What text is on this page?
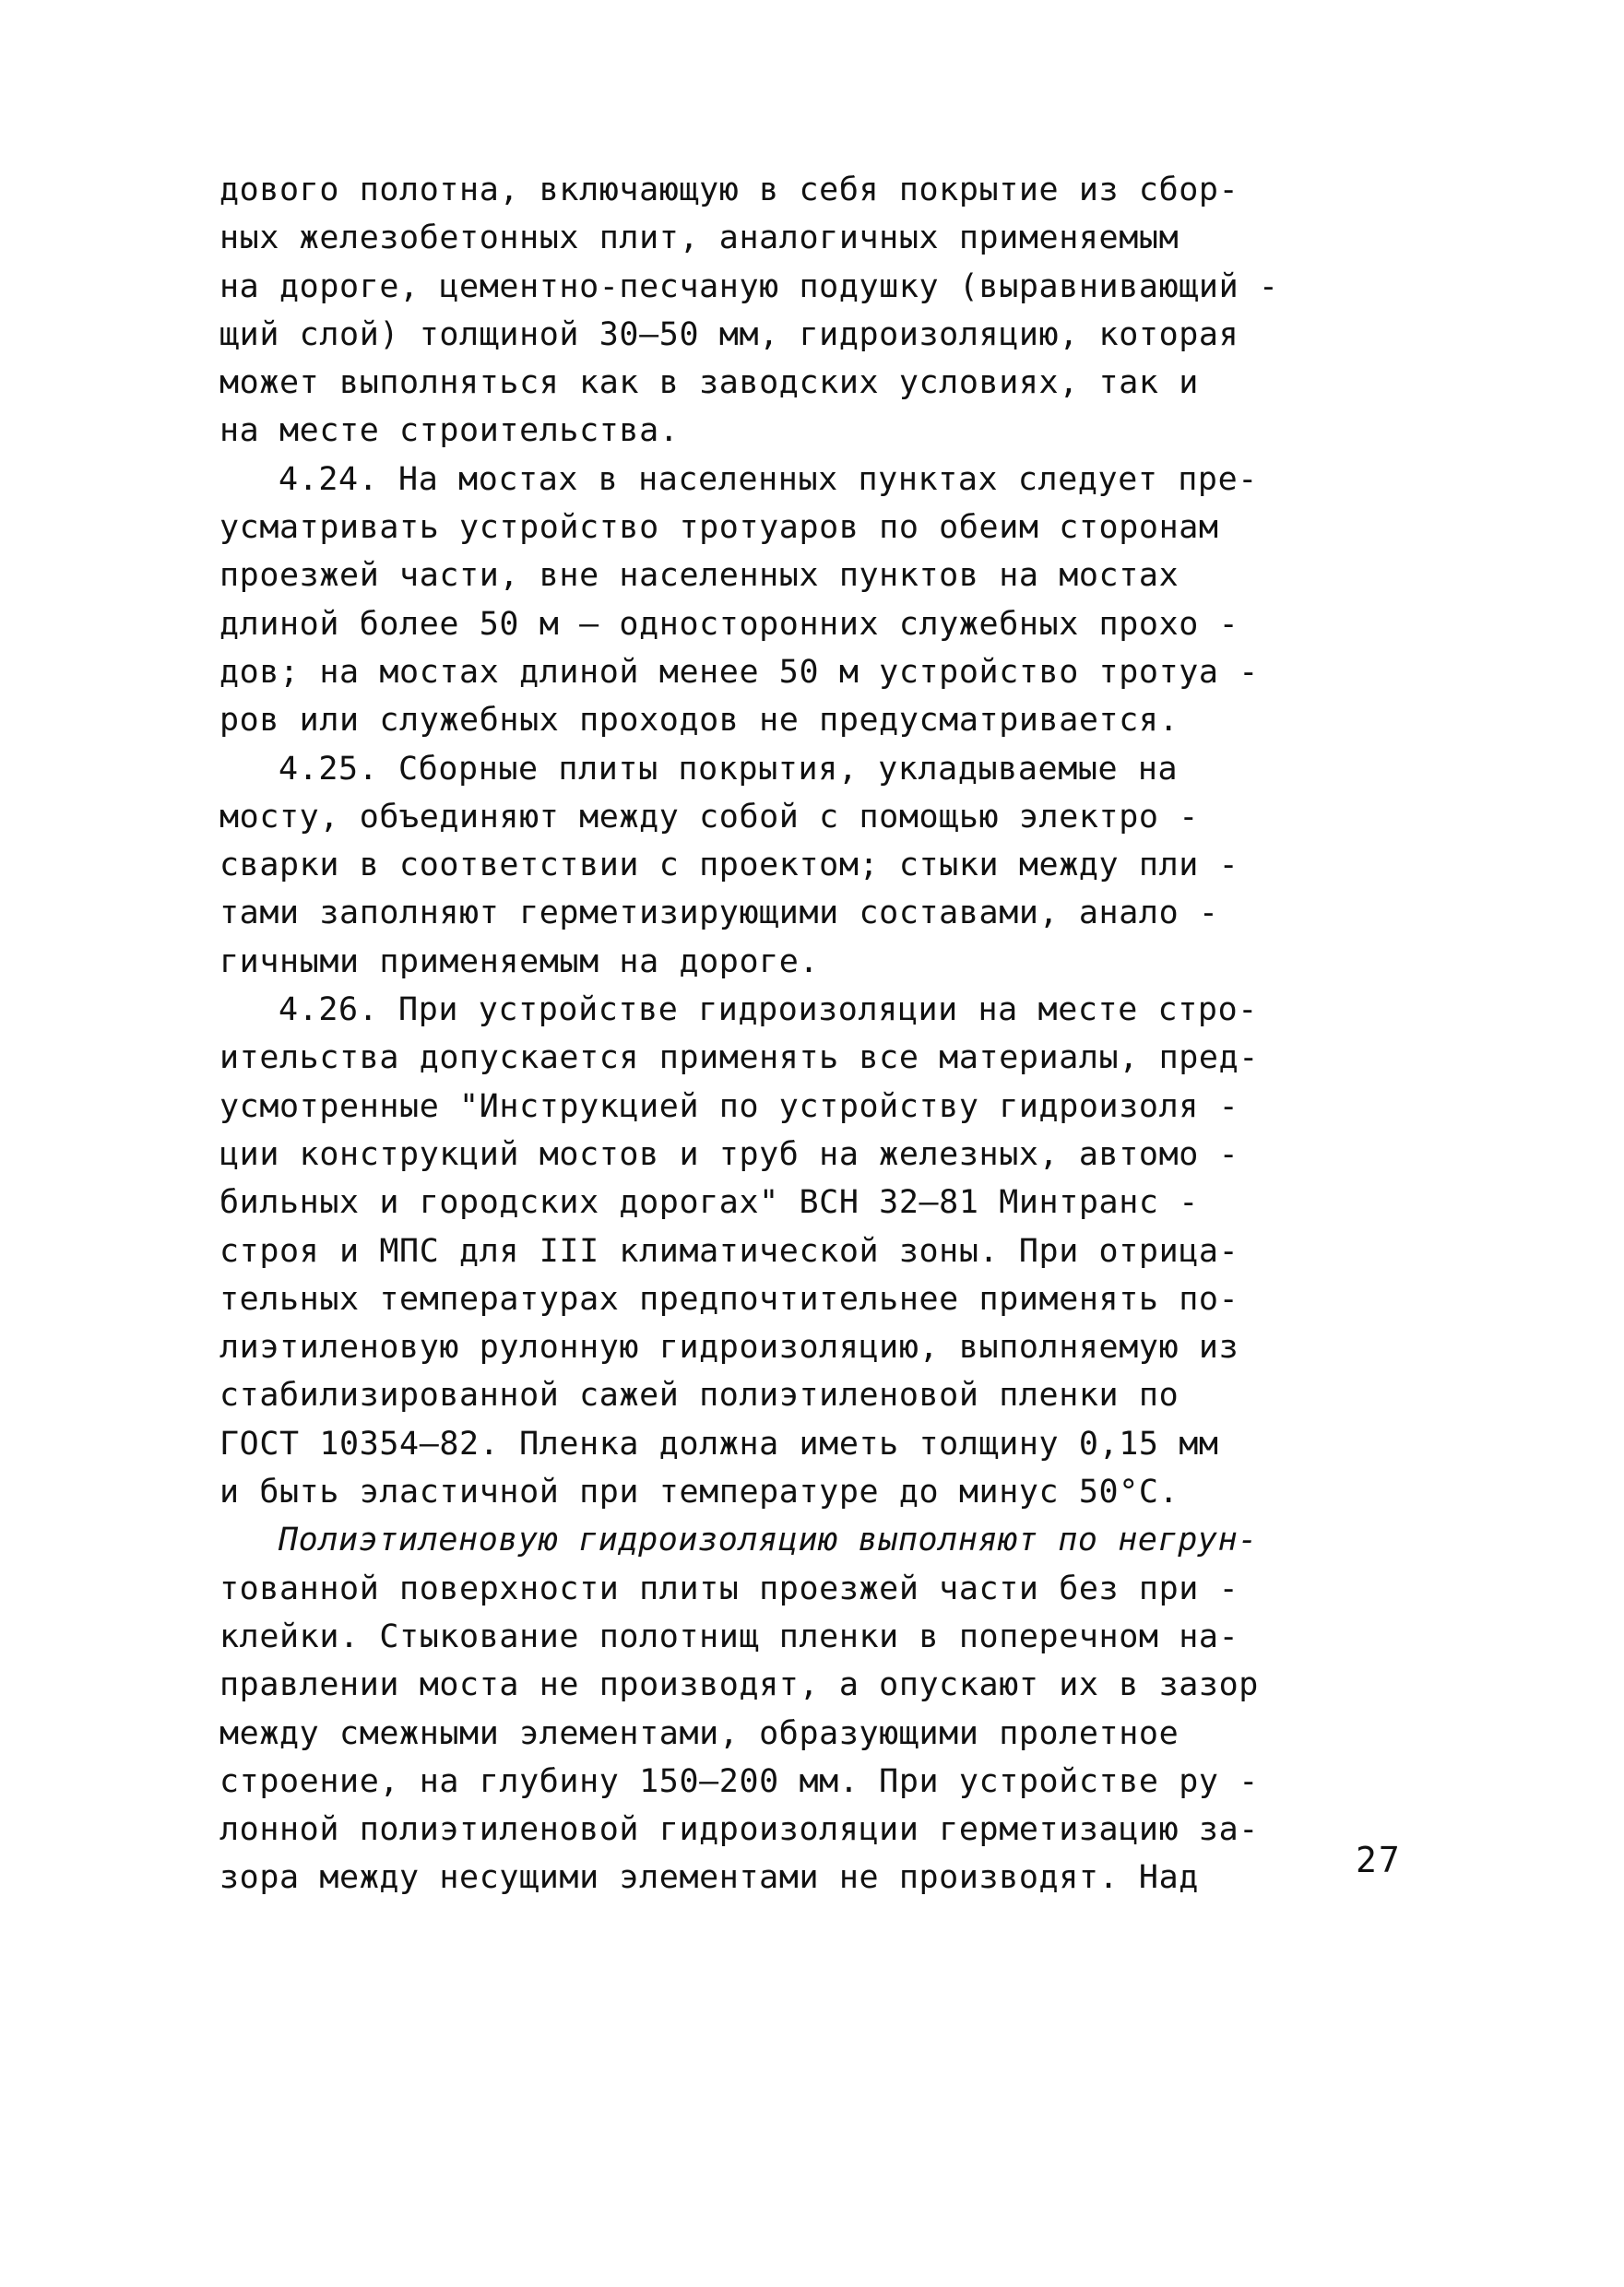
дового полотна, включающую в себя покрытие из сбор-
ных железобетонных плит, аналогичных применяемым
на дороге, цементно-песчаную подушку (выравнивающий -
щий слой) толщиной 30–50 мм, гидроизоляцию, которая
может выполняться как в заводских условиях, так и
на месте строительства.
4.24. На мостах в населенных пунктах следует пре-
усматривать устройство тротуаров по обеим сторонам
проезжей части, вне населенных пунктов на мостах
длиной более 50 м – односторонних служебных прохо -
дов; на мостах длиной менее 50 м устройство тротуа -
ров или служебных проходов не предусматривается.
4.25. Сборные плиты покрытия, укладываемые на
мосту, объединяют между собой с помощью электро -
сварки в соответствии с проектом; стыки между пли -
тами заполняют герметизирующими составами, анало -
гичными применяемым на дороге.
4.26. При устройстве гидроизоляции на месте стро-
ительства допускается применять все материалы, пред-
усмотренные "Инструкцией по устройству гидроизоля -
ции конструкций мостов и труб на железных, автомо -
бильных и городских дорогах" ВСН 32–81 Минтранс -
строя и МПС для III климатической зоны. При отрица-
тельных температурах предпочтительнее применять по-
лиэтиленовую рулонную гидроизоляцию, выполняемую из
стабилизированной сажей полиэтиленовой пленки по
ГОСТ 10354–82. Пленка должна иметь толщину 0,15 мм
и быть эластичной при температуре до минус 50°С.
Полиэтиленовую гидроизоляцию выполняют по негрун-
тованной поверхности плиты проезжей части без при -
клейки. Стыкование полотнищ пленки в поперечном на-
правлении моста не производят, а опускают их в зазор
между смежными элементами, образующими пролетное
строение, на глубину 150–200 мм. При устройстве ру -
лонной полиэтиленовой гидроизоляции герметизацию за-
зора между несущими элементами не производят. Над	27
